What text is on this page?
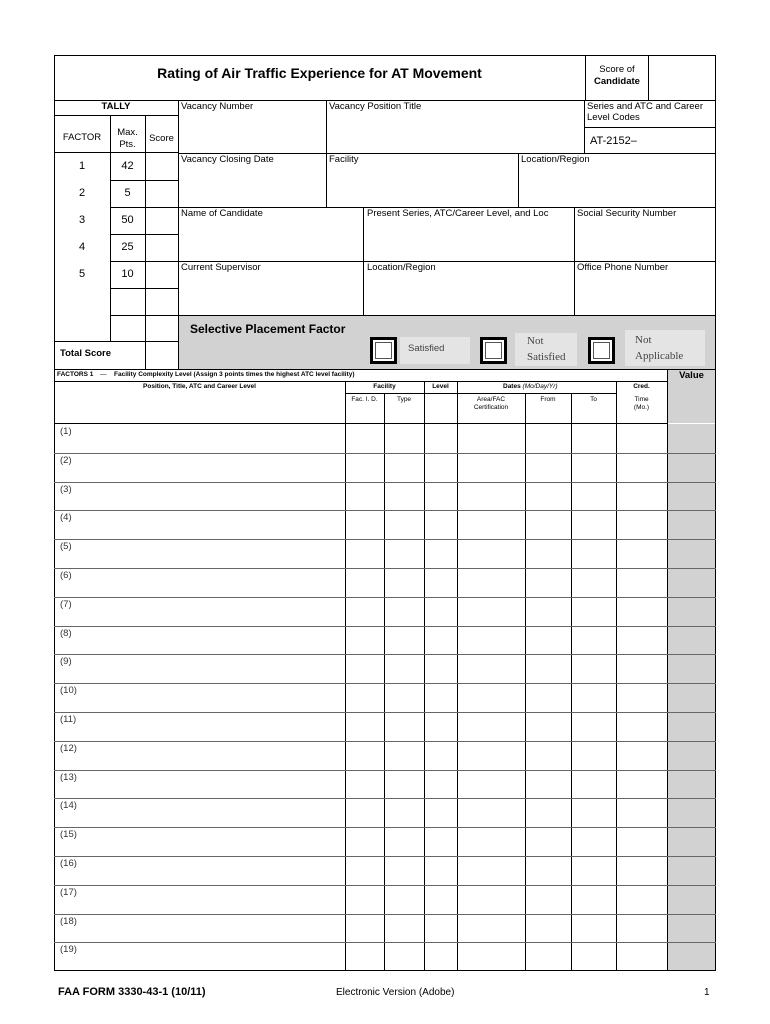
Rating of Air Traffic Experience for AT Movement	Score of
Candidate
TALLY
FACTOR	Max.
Pts.
Score
1	42
2	5
3	50
4	25
5	10
Total Score
Vacancy Number	Vacancy Position Title	Series and ATC and Career
Level Codes
AT-2152–
Vacancy Closing Date	Facility	Location/Region
Name of Candidate	Present Series, ATC/Career Level, and Loc	Social Security Number
Current Supervisor	Location/Region	Office Phone Number
Selective Placement Factor
Satisfied
Not
Satisfied
Not
Applicable
FACTORS 1 — Facility Complexity Level (Assign 3 points times the highest ATC level facility)	Value
Position, Title, ATC and Career Level	Facility	Level	Dates (Mo/Day/Yr)	Cred.
Fac. I. D.	Type	Area/FAC
Certification
From	To	Time
(Mo.)
(1)
(2)
(3)
(4)
(5)
(6)
(7)
(8)
(9)
(10)
(11)
(12)
(13)
(14)
(15)
(16)
(17)
(18)
(19)
FAA FORM 3330-43-1 (10/11)	Electronic Version (Adobe)	1
